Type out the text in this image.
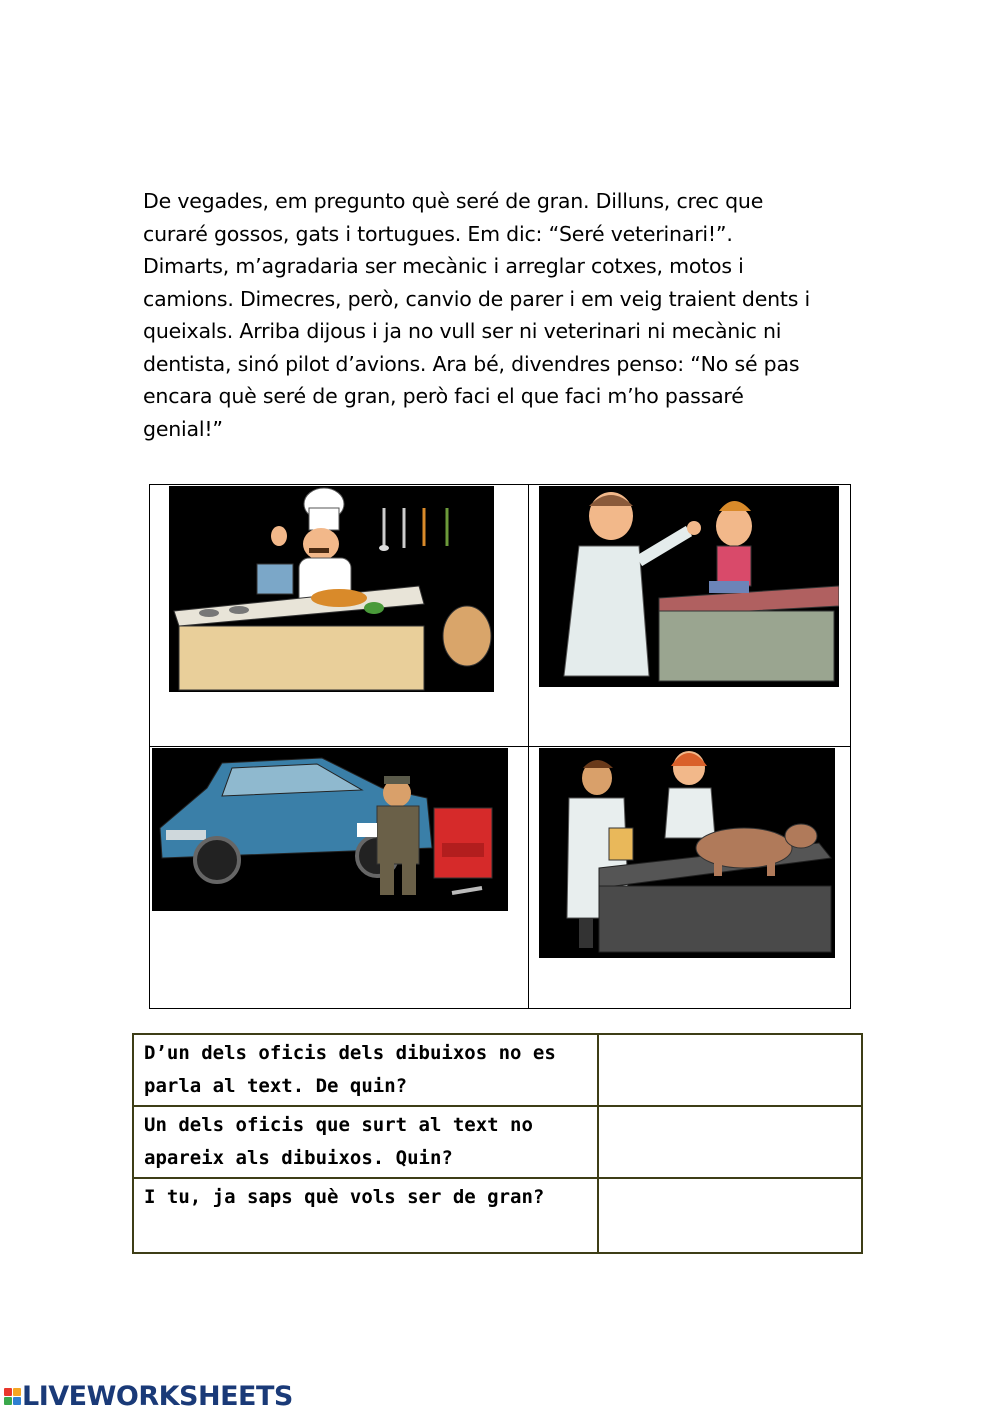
De vegades, em pregunto què seré de gran. Dilluns, crec que

curaré gossos, gats i tortugues. Em dic: “Seré veterinari!”.

Dimarts, m’agradaria ser mecànic i arreglar cotxes, motos i

camions. Dimecres, però, canvio de parer i em veig traient dents i

queixals. Arriba dijous i ja no vull ser ni veterinari ni mecànic ni

dentista, sinó pilot d’avions. Ara bé, divendres penso: “No sé pas

encara què seré de gran, però faci el que faci m’ho passaré

genial!”

D’un dels oficis dels dibuixos no es
parla al text. De quin?

Un dels oficis que surt al text no
apareix als dibuixos. Quin?

I tu, ja saps què vols ser de gran?

LIVEWORKSHEETS
